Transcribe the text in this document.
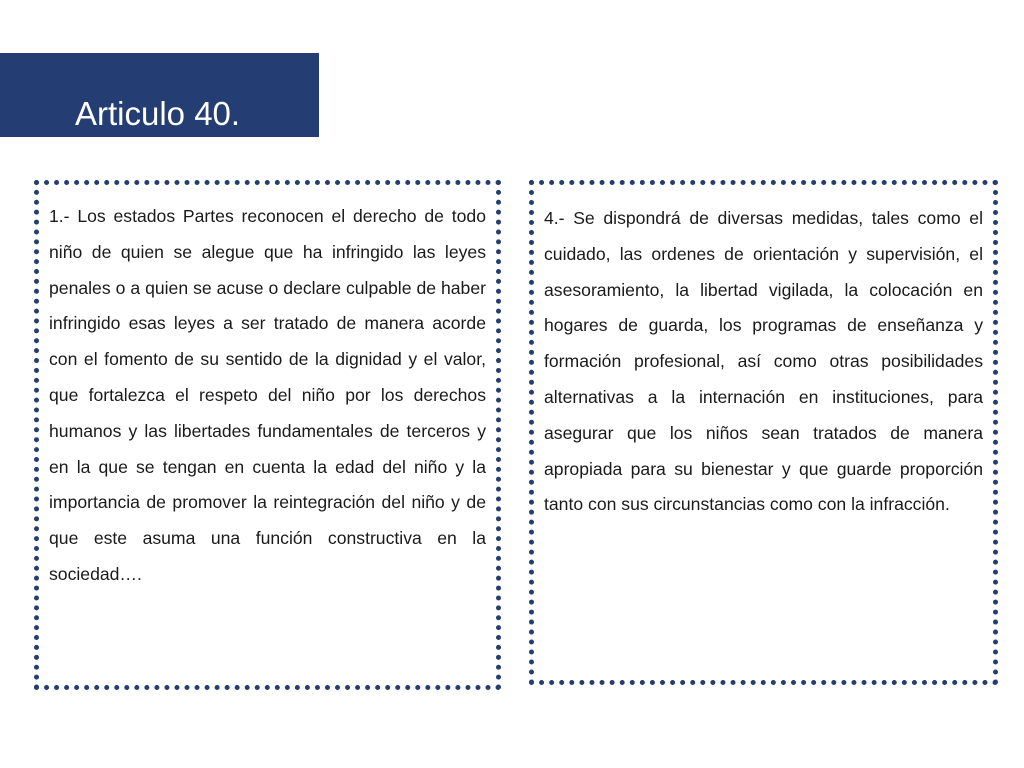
Articulo 40.

1.- Los estados Partes reconocen el derecho de todo niño de quien se alegue que ha infringido las leyes penales o a quien se acuse o declare culpable de haber infringido esas leyes a ser tratado de manera acorde con el fomento de su sentido de la dignidad y el valor, que fortalezca el respeto del niño por los derechos humanos y las libertades fundamentales de terceros y en la que se tengan en cuenta la edad del niño y la importancia de promover la reintegración del niño y de que este asuma una función constructiva en la sociedad….

4.- Se dispondrá de diversas medidas, tales como el cuidado, las ordenes de orientación y supervisión, el asesoramiento, la libertad vigilada, la colocación en hogares de guarda, los programas de enseñanza y formación profesional, así como otras posibilidades alternativas a la internación en instituciones, para asegurar que los niños sean tratados de manera apropiada para su bienestar y que guarde proporción tanto con sus circunstancias como con la infracción.
